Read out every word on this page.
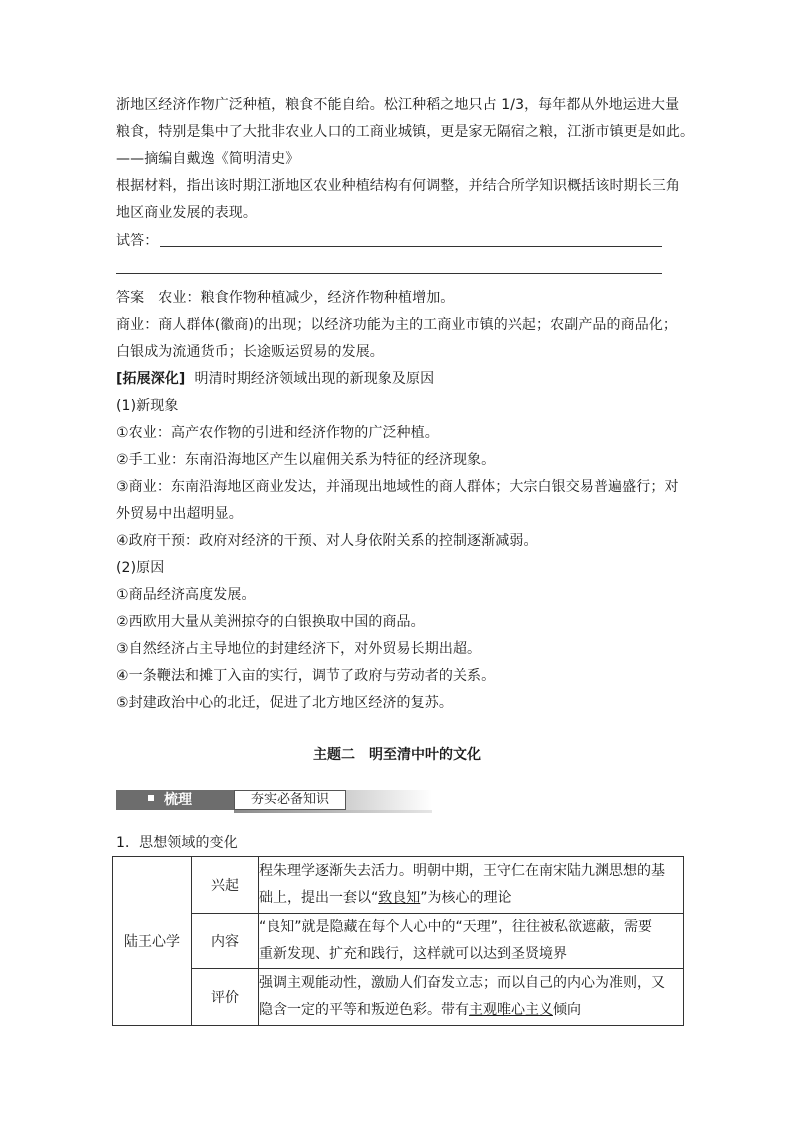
浙地区经济作物广泛种植，粮食不能自给。松江种稻之地只占 1/3，每年都从外地运进大量
粮食，特别是集中了大批非农业人口的工商业城镇，更是家无隔宿之粮，江浙市镇更是如此。
——摘编自戴逸《简明清史》
根据材料，指出该时期江浙地区农业种植结构有何调整，并结合所学知识概括该时期长三角
地区商业发展的表现。
试答：
答案　农业：粮食作物种植减少，经济作物种植增加。
商业：商人群体(徽商)的出现；以经济功能为主的工商业市镇的兴起；农副产品的商品化；
白银成为流通货币；长途贩运贸易的发展。
[拓展深化] 明清时期经济领域出现的新现象及原因
(1)新现象
①农业：高产农作物的引进和经济作物的广泛种植。
②手工业：东南沿海地区产生以雇佣关系为特征的经济现象。
③商业：东南沿海地区商业发达，并涌现出地域性的商人群体；大宗白银交易普遍盛行；对
外贸易中出超明显。
④政府干预：政府对经济的干预、对人身依附关系的控制逐渐减弱。
(2)原因
①商品经济高度发展。
②西欧用大量从美洲掠夺的白银换取中国的商品。
③自然经济占主导地位的封建经济下，对外贸易长期出超。
④一条鞭法和摊丁入亩的实行，调节了政府与劳动者的关系。
⑤封建政治中心的北迁，促进了北方地区经济的复苏。
主题二　明至清中叶的文化
梳理	夯实必备知识
1．思想领域的变化
陆王心学	兴起	程朱理学逐渐失去活力。明朝中期，王守仁在南宋陆九渊思想的基
础上，提出一套以“致良知”为核心的理论

	内容	“良知”就是隐藏在每个人心中的“天理”，往往被私欲遮蔽，需要
重新发现、扩充和践行，这样就可以达到圣贤境界

	评价	强调主观能动性，激励人们奋发立志；而以自己的内心为准则，又
隐含一定的平等和叛逆色彩。带有主观唯心主义倾向
